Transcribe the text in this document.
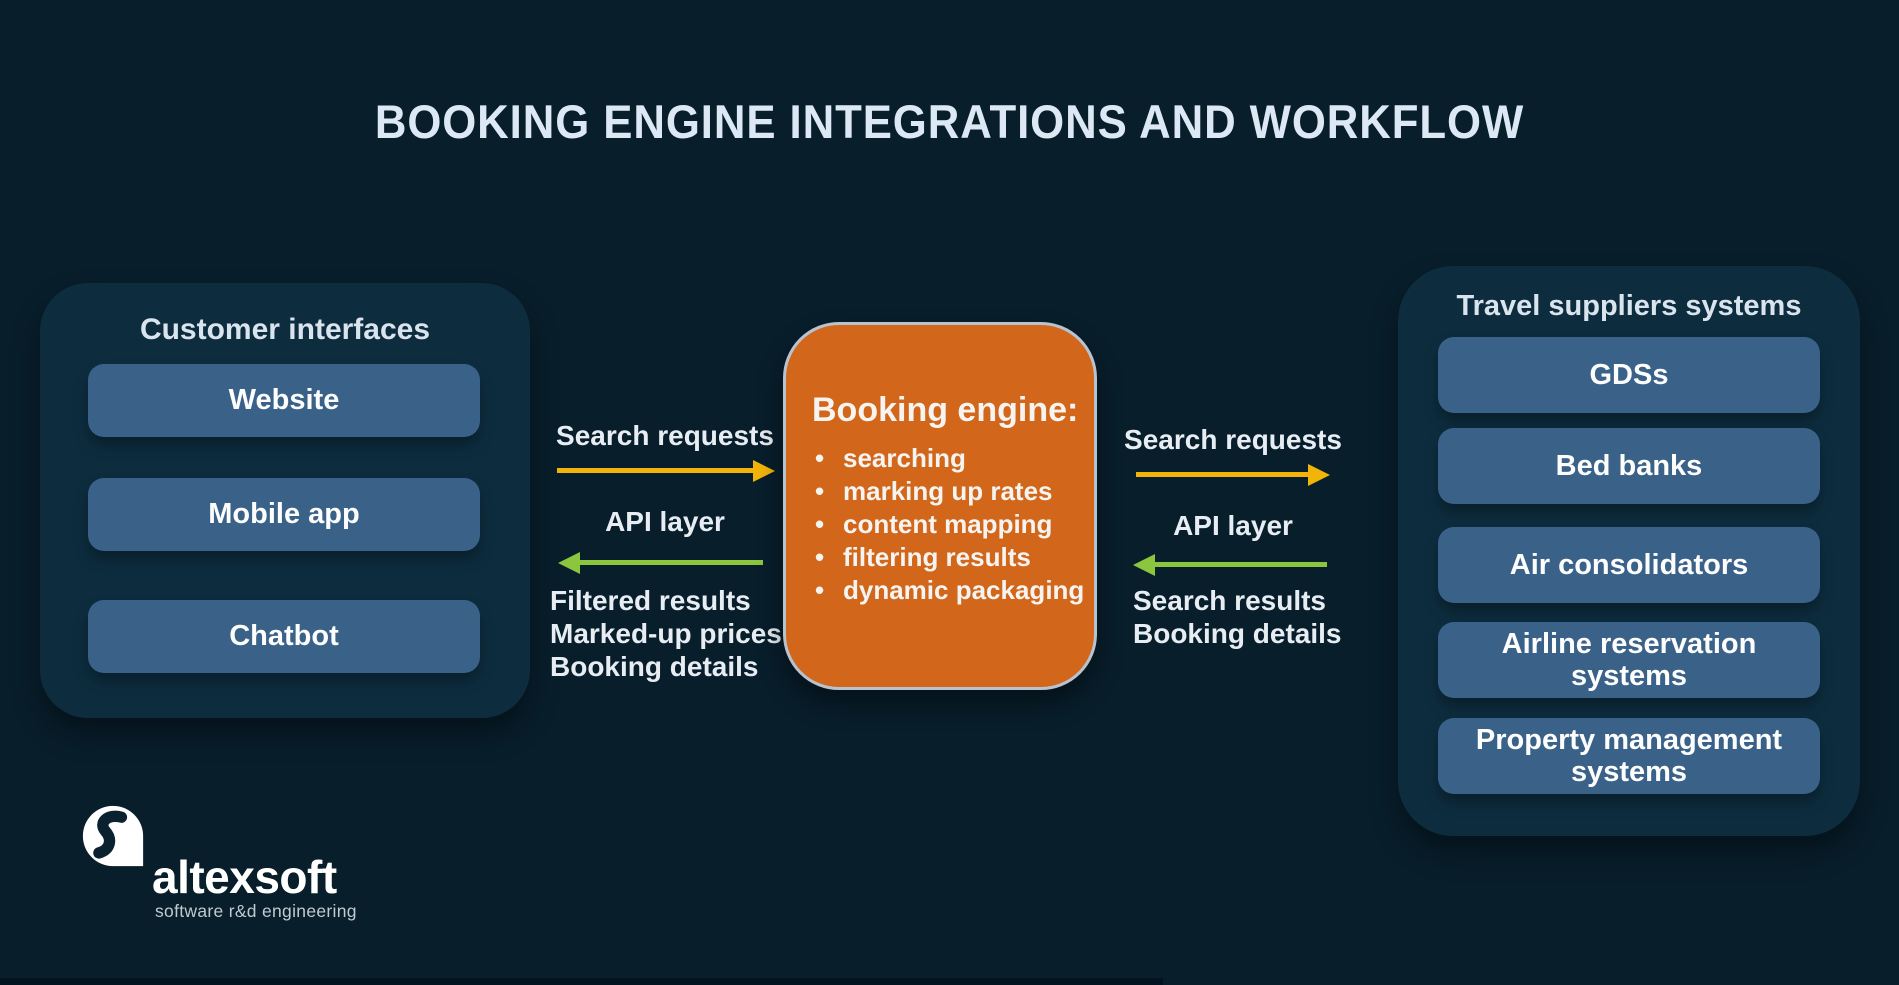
BOOKING ENGINE INTEGRATIONS AND WORKFLOW
Customer interfaces
Website
Mobile app
Chatbot
Search requests
API layer
Filtered results
Marked-up prices
Booking details
Booking engine:
• searching
• marking up rates
• content mapping
• filtering results
• dynamic packaging
Search requests
API layer
Search results
Booking details
Travel suppliers systems
GDSs
Bed banks
Air consolidators
Airline reservation systems
Property management systems
altexsoft
software r&d engineering
